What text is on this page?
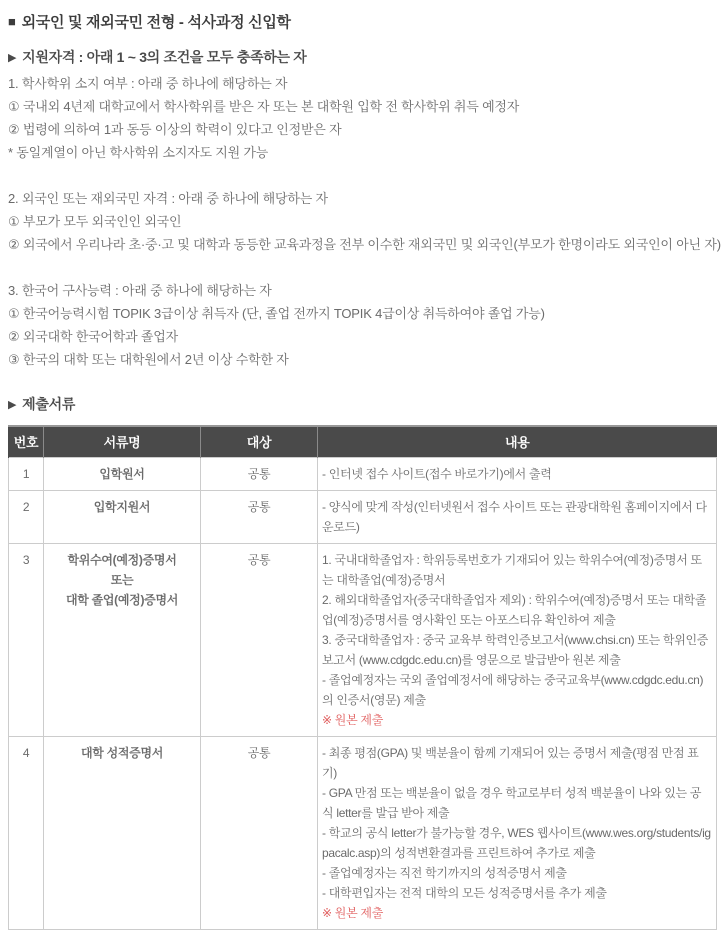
■ 외국인 및 재외국민 전형 - 석사과정 신입학
▶ 지원자격 : 아래 1 ~ 3의 조건을 모두 충족하는 자
1. 학사학위 소지 여부 : 아래 중 하나에 해당하는 자
① 국내외 4년제 대학교에서 학사학위를 받은 자 또는 본 대학원 입학 전 학사학위 취득 예정자
② 법령에 의하여 1과 동등 이상의 학력이 있다고 인정받은 자
* 동일계열이 아닌 학사학위 소지자도 지원 가능
2. 외국인 또는 재외국민 자격 : 아래 중 하나에 해당하는 자
① 부모가 모두 외국인인 외국인
② 외국에서 우리나라 초·중·고 및 대학과 동등한 교육과정을 전부 이수한 재외국민 및 외국인(부모가 한명이라도 외국인이 아닌 자)
3. 한국어 구사능력 : 아래 중 하나에 해당하는 자
① 한국어능력시험 TOPIK 3급이상 취득자 (단, 졸업 전까지 TOPIK 4급이상 취득하여야 졸업 가능)
② 외국대학 한국어학과 졸업자
③ 한국의 대학 또는 대학원에서 2년 이상 수학한 자
▶ 제출서류
번호	서류명	대상	내용
1	입학원서	공통	- 인터넷 접수 사이트(접수 바로가기)에서 출력

2	입학지원서	공통	- 양식에 맞게 작성(인터넷원서 접수 사이트 또는 관광대학원 홈페이지에서 다운로드)

3	학위수여(예정)증명서
또는
대학 졸업(예정)증명서
	공통	1. 국내대학졸업자 : 학위등록번호가 기재되어 있는 학위수여(예정)증명서 또는 대학졸업(예정)증명서
2. 해외대학졸업자(중국대학졸업자 제외) : 학위수여(예정)증명서 또는 대학졸업(예정)증명서를 영사확인 또는 아포스티유 확인하여 제출
3. 중국대학졸업자 : 중국 교육부 학력인증보고서(www.chsi.cn) 또는 학위인증보고서 (www.cdgdc.edu.cn)를 영문으로 발급받아 원본 제출
- 졸업예정자는 국외 졸업예정서에 해당하는 중국교육부(www.cdgdc.edu.cn)의 인증서(영문) 제출
※ 원본 제출

4	대학 성적증명서	공통	- 최종 평점(GPA) 및 백분율이 함께 기재되어 있는 증명서 제출(평점 만점 표기)
- GPA 만점 또는 백분율이 없을 경우 학교로부터 성적 백분율이 나와 있는 공식 letter를 발급 받아 제출
- 학교의 공식 letter가 불가능할 경우, WES 웹사이트(www.wes.org/students/igpacalc.asp)의 성적변환결과를 프린트하여 추가로 제출
- 졸업예정자는 직전 학기까지의 성적증명서 제출
- 대학편입자는 전적 대학의 모든 성적증명서를 추가 제출
※ 원본 제출
